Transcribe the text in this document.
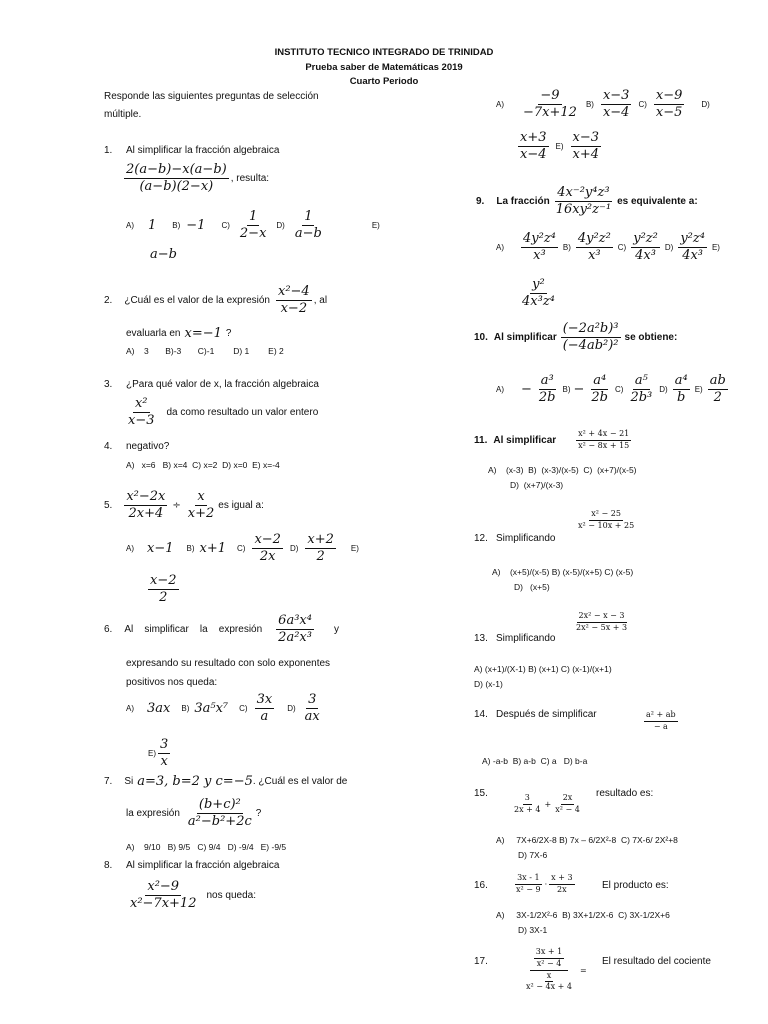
INSTITUTO TECNICO INTEGRADO DE TRINIDAD
Prueba saber de Matemáticas 2019
Cuarto Periodo
Responde las siguientes preguntas de selección
múltiple.
1. Al simplificar la fracción algebraica
$\frac{2(a-b)-x(a-b)}{(a-b)(2-x)}$ , resulta:
A) 1 B) −1 $C) \frac{1}{2-x} D) \frac{1}{a-b}$	E)
a−b
2. ¿Cuál es el valor de la expresión $\frac{\text{x²−4}}{x-2}$ , al
evaluarla en x=−1 ?
A)    3       B)-3       C)-1        D) 1        E) 2
3. ¿Para qué valor de x, la fracción algebraica
$\frac{\text{x²}}{x-3}$ da como resultado un valor entero
4. negativo?
A)   x=6   B) x=4  C) x=2  D) x=0  E) x=-4
5. $\frac{\text{x²−2x}}{2x+4} \div \frac{x}{x+2}$ es igual a:
A) x−1 B) x+1 $C) \frac{x-2}{2x} D) \frac{x+2}{2} E$)
$\frac{x-2}{2}$
6. Al    simplificar    la    expresión $\frac{\text{6a³x⁴}}{\text{2a²x³}}$ y
expresando su resultado con solo exponentes
positivos nos queda:
A) 3ax B) 3a⁵x⁷ $C) \frac{3x}{a} D) \frac{3}{ax}$
$E) \frac{3}{x}$
7. Si a=3, b=2 y c=−5 . ¿Cuál es el valor de
la expresión $\frac{\text{(b+c)²}}{\text{a²−b²+2c}}$ ?
A)    9/10   B) 9/5   C) 9/4   D) -9/4   E) -9/5
8. Al simplificar la fracción algebraica
$\frac{\text{x²−9}}{\text{x²−7x+12}}$ nos queda:
$A) \frac{-9}{-7x+12} B) \frac{x-3}{x-4} C) \frac{x-9}{x-5} D$)
$\frac{x+3}{x-4} E) \frac{x-3}{x+4}$
9. La fracción $\frac{\text{4x⁻²y⁴z³}}{\text{16xy²z⁻¹}}$ es equivalente a:
$A) \frac{\text{4y²z⁴}}{\text{x³}} B) \frac{\text{4y²z²}}{\text{x³}} C) \frac{\text{y²z²}}{\text{4x³}} D) \frac{\text{y²z⁴}}{\text{4x³}} E$)
$\frac{\text{y²}}{\text{4x³z⁴}}$
10. Al simplificar $\frac{\text{(−2a²b)³}}{\text{(−4ab²)²}}$ se obtiene:
$A) - \frac{\text{a³}}{2b} B) - \frac{\text{a⁴}}{2b} C) \frac{\text{a⁵}}{\text{2b³}} D) \frac{\text{a⁴}}{b} E) \frac{ab}{2}$
11. Al simplificar	$\frac{\text{x² + 4x − 21}}{\text{x² − 8x + 15}}$
A)    (x-3)  B)  (x-3)/(x-5)  C)  (x+7)/(x-5)
D)  (x+7)/(x-3)
12. Simplificando
$\frac{\text{x² − 25}}{\text{x² − 10x + 25}}$
A)    (x+5)/(x-5) B) (x-5)/(x+5) C) (x-5)
D)   (x+5)
13. Simplificando
$\frac{\text{2x² − x − 3}}{\text{2x² − 5x + 3}}$
A) (x+1)/(X-1) B) (x+1) C) (x-1)/(x+1)
D) (x-1)
14. Después de simplificar	$\frac{\text{a² + ab}}{- a}$
A) -a-b  B) a-b  C) a   D) b-a
15.
$\frac{3}{2x + 4} + \frac{2x}{\text{x² − 4}}$
resultado es:
A)     7X+6/2X-8 B) 7x – 6/2X²-8  C) 7X-6/ 2X²+8
D) 7X-6
16.	$\frac{3x - 1}{\text{x² − 9}} \cdot \frac{x + 3}{2x}$	El producto es:
A)     3X-1/2X²-6  B) 3X+1/2X-6  C) 3X-1/2X+6
D) 3X-1
17.	$\frac{\frac{3x + 1}{\text{x² − 4}}}{\frac{x}{\text{x² − 4x + 4}}}$ =
El resultado del cociente
